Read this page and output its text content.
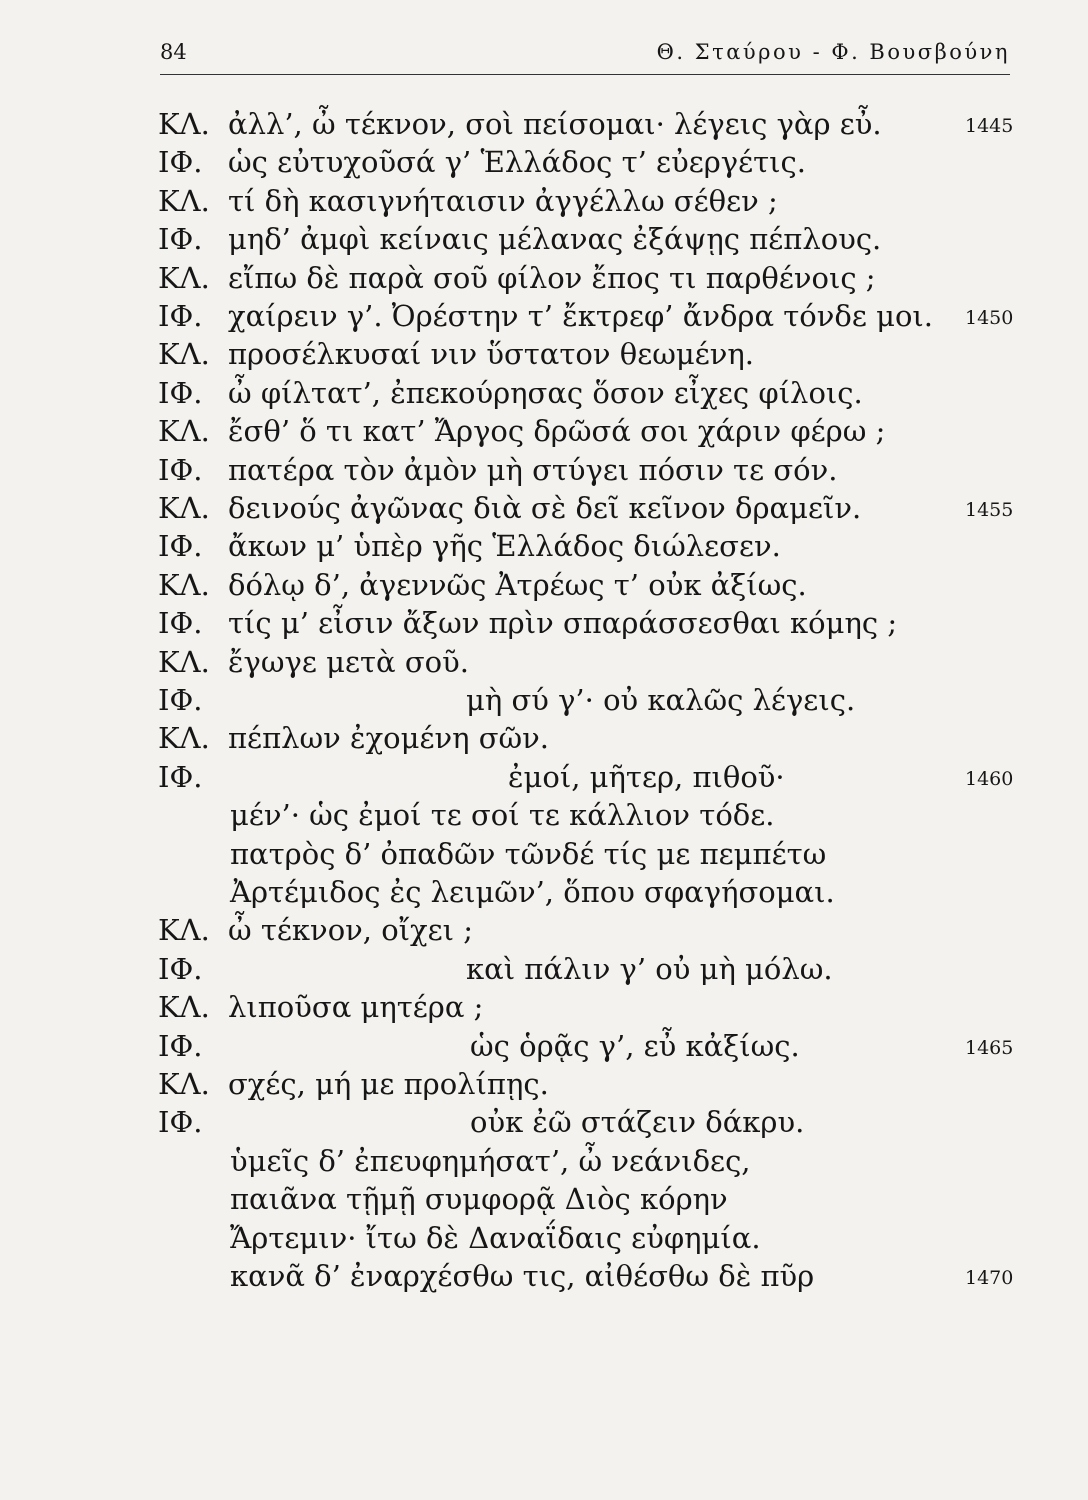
84	Θ. Σταύρου - Φ. Βουσβούνη
ΚΛ. ἀλλ’, ὦ τέκνον, σοὶ πείσομαι· λέγεις γὰρ εὖ.	1445
ΙΦ. ὡς εὐτυχοῦσά γ’ Ἑλλάδος τ’ εὐεργέτις.
ΚΛ. τί δὴ κασιγνήταισιν ἀγγέλλω σέθεν ;
ΙΦ. μηδ’ ἀμφὶ κείναις μέλανας ἐξάψῃς πέπλους.
ΚΛ. εἴπω δὲ παρὰ σοῦ φίλον ἔπος τι παρθένοις ;
ΙΦ. χαίρειν γ’. Ὀρέστην τ’ ἔκτρεφ’ ἄνδρα τόνδε μοι. 1450
ΚΛ. προσέλκυσαί νιν ὕστατον θεωμένη.
ΙΦ. ὦ φίλτατ’, ἐπεκούρησας ὅσον εἶχες φίλοις.
ΚΛ. ἔσθ’ ὅ τι κατ’ Ἄργος δρῶσά σοι χάριν φέρω ;
ΙΦ. πατέρα τὸν ἀμὸν μὴ στύγει πόσιν τε σόν.
ΚΛ. δεινούς ἀγῶνας διὰ σὲ δεῖ κεῖνον δραμεῖν.	1455
ΙΦ. ἄκων μ’ ὑπὲρ γῆς Ἑλλάδος διώλεσεν.
ΚΛ. δόλῳ δ’, ἀγεννῶς Ἀτρέως τ’ οὐκ ἀξίως.
ΙΦ. τίς μ’ εἶσιν ἄξων πρὶν σπαράσσεσθαι κόμης ;
ΚΛ. ἔγωγε μετὰ σοῦ.
ΙΦ.	μὴ σύ γ’· οὐ καλῶς λέγεις.
ΚΛ. πέπλων ἐχομένη σῶν.
ΙΦ.	ἐμοί, μῆτερ, πιθοῦ·	1460
μέν’· ὡς ἐμοί τε σοί τε κάλλιον τόδε.
πατρὸς δ’ ὀπαδῶν τῶνδέ τίς με πεμπέτω
Ἀρτέμιδος ἐς λειμῶν’, ὅπου σφαγήσομαι.
ΚΛ. ὦ τέκνον, οἴχει ;
ΙΦ.	καὶ πάλιν γ’ οὐ μὴ μόλω.
ΚΛ. λιποῦσα μητέρα ;
ΙΦ.	ὡς ὁρᾷς γ’, εὖ κἀξίως.	1465
ΚΛ. σχές, μή με προλίπῃς.
ΙΦ.	οὐκ ἐῶ στάζειν δάκρυ.
ὑμεῖς δ’ ἐπευφημήσατ’, ὦ νεάνιδες,
παιᾶνα τῇμῇ συμφορᾷ Διὸς κόρην
Ἄρτεμιν· ἴτω δὲ Δαναΐδαις εὐφημία.
κανᾶ δ’ ἐναρχέσθω τις, αἰθέσθω δὲ πῦρ	1470
